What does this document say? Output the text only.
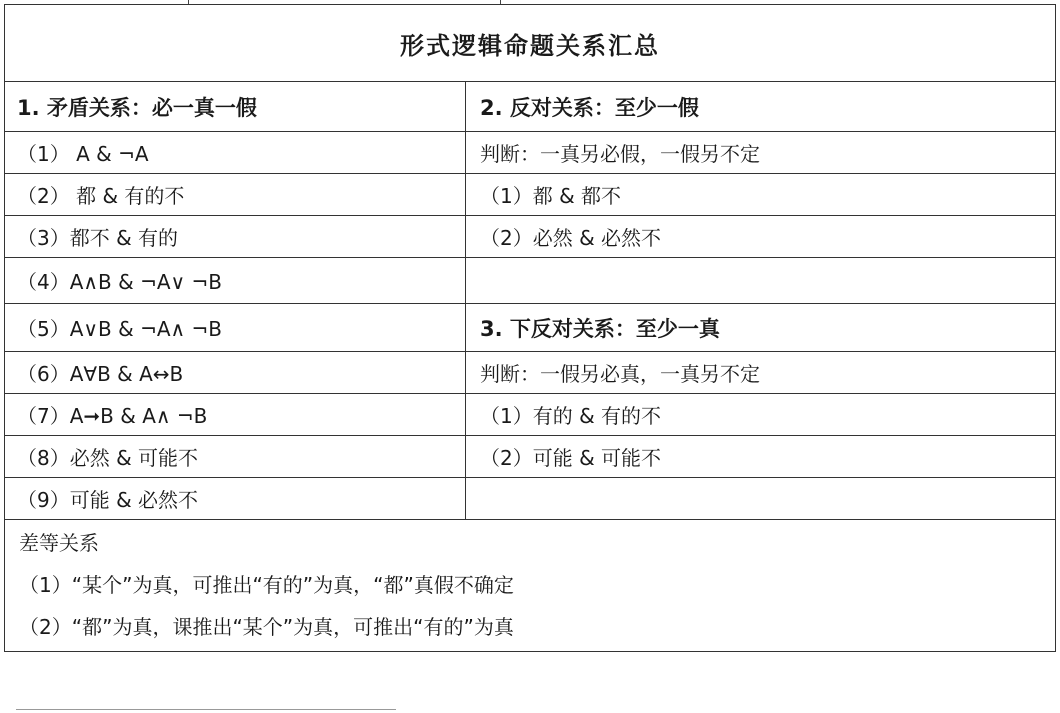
形式逻辑命题关系汇总
1. 矛盾关系：必一真一假	2. 反对关系：至少一假
（1） A & ¬A	判断：一真另必假，一假另不定
（2） 都 & 有的不	（1）都 & 都不
（3）都不 & 有的	（2）必然 & 必然不
（4）A∧B & ¬A∨ ¬B
（5）A∨B & ¬A∧ ¬B	3. 下反对关系：至少一真
（6）A∀B & A↔B	判断：一假另必真，一真另不定
（7）A➞B & A∧ ¬B	（1）有的 & 有的不
（8）必然 & 可能不	（2）可能 & 可能不
（9）可能 & 必然不
差等关系
（1）“某个”为真，可推出“有的”为真，“都”真假不确定
（2）“都”为真，课推出“某个”为真，可推出“有的”为真
